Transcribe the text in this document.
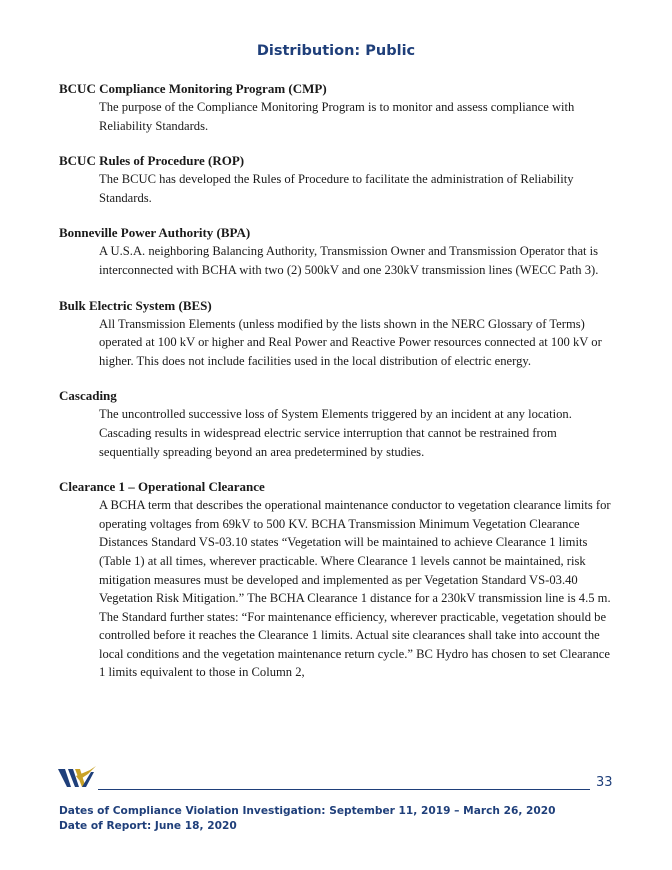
Distribution: Public
BCUC Compliance Monitoring Program (CMP)
The purpose of the Compliance Monitoring Program is to monitor and assess compliance with Reliability Standards.
BCUC Rules of Procedure (ROP)
The BCUC has developed the Rules of Procedure to facilitate the administration of Reliability Standards.
Bonneville Power Authority (BPA)
A U.S.A. neighboring Balancing Authority, Transmission Owner and Transmission Operator that is interconnected with BCHA with two (2) 500kV and one 230kV transmission lines (WECC Path 3).
Bulk Electric System (BES)
All Transmission Elements (unless modified by the lists shown in the NERC Glossary of Terms) operated at 100 kV or higher and Real Power and Reactive Power resources connected at 100 kV or higher. This does not include facilities used in the local distribution of electric energy.
Cascading
The uncontrolled successive loss of System Elements triggered by an incident at any location. Cascading results in widespread electric service interruption that cannot be restrained from sequentially spreading beyond an area predetermined by studies.
Clearance 1 – Operational Clearance
A BCHA term that describes the operational maintenance conductor to vegetation clearance limits for operating voltages from 69kV to 500 KV. BCHA Transmission Minimum Vegetation Clearance Distances Standard VS-03.10 states “Vegetation will be maintained to achieve Clearance 1 limits (Table 1) at all times, wherever practicable. Where Clearance 1 levels cannot be maintained, risk mitigation measures must be developed and implemented as per Vegetation Standard VS-03.40 Vegetation Risk Mitigation.” The BCHA Clearance 1 distance for a 230kV transmission line is 4.5 m. The Standard further states: “For maintenance efficiency, wherever practicable, vegetation should be controlled before it reaches the Clearance 1 limits. Actual site clearances shall take into account the local conditions and the vegetation maintenance return cycle.” BC Hydro has chosen to set Clearance 1 limits equivalent to those in Column 2,
33
Dates of Compliance Violation Investigation: September 11, 2019 – March 26, 2020
Date of Report: June 18, 2020
